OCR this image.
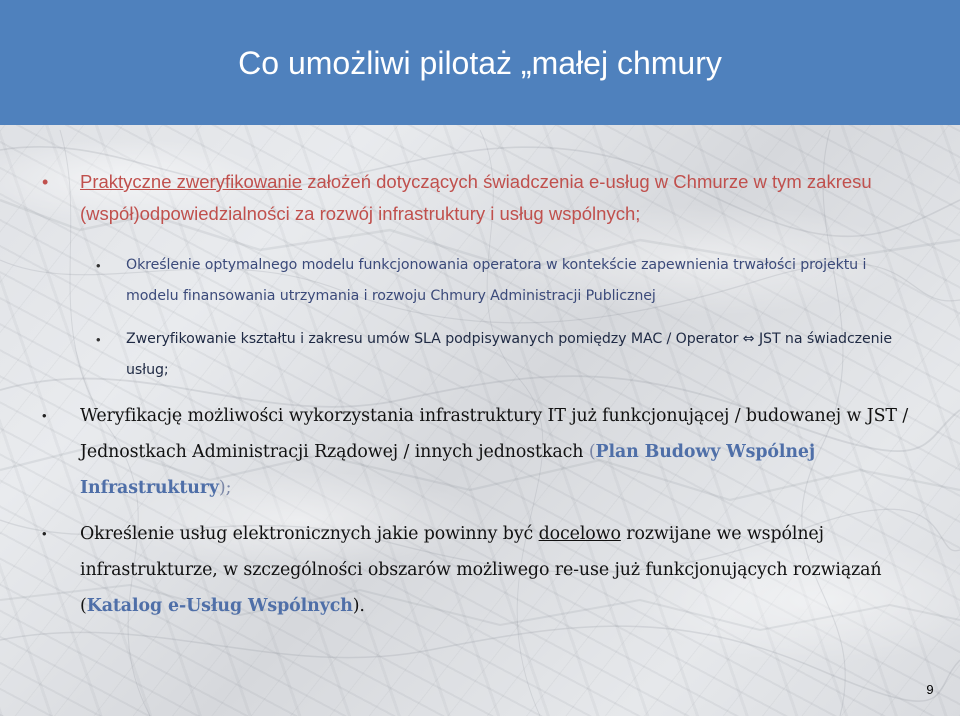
Co umożliwi pilotaż „małej chmury
•	Praktyczne zweryfikowanie założeń dotyczących świadczenia e-usług w Chmurze w tym zakresu (współ)odpowiedzialności za rozwój infrastruktury i usług wspólnych;
•	Określenie optymalnego modelu funkcjonowania operatora w kontekście zapewnienia trwałości projektu i modelu finansowania utrzymania i rozwoju Chmury Administracji Publicznej
•	Zweryfikowanie kształtu i zakresu umów SLA podpisywanych pomiędzy MAC / Operator ⇔ JST na świadczenie usług;
•	Weryfikację możliwości wykorzystania infrastruktury IT już funkcjonującej / budowanej w JST / Jednostkach Administracji Rządowej / innych jednostkach (Plan Budowy Wspólnej Infrastruktury);
•	Określenie usług elektronicznych jakie powinny być docelowo rozwijane we wspólnej infrastrukturze, w szczególności obszarów możliwego re-use już funkcjonujących rozwiązań (Katalog e-Usług Wspólnych).
9
